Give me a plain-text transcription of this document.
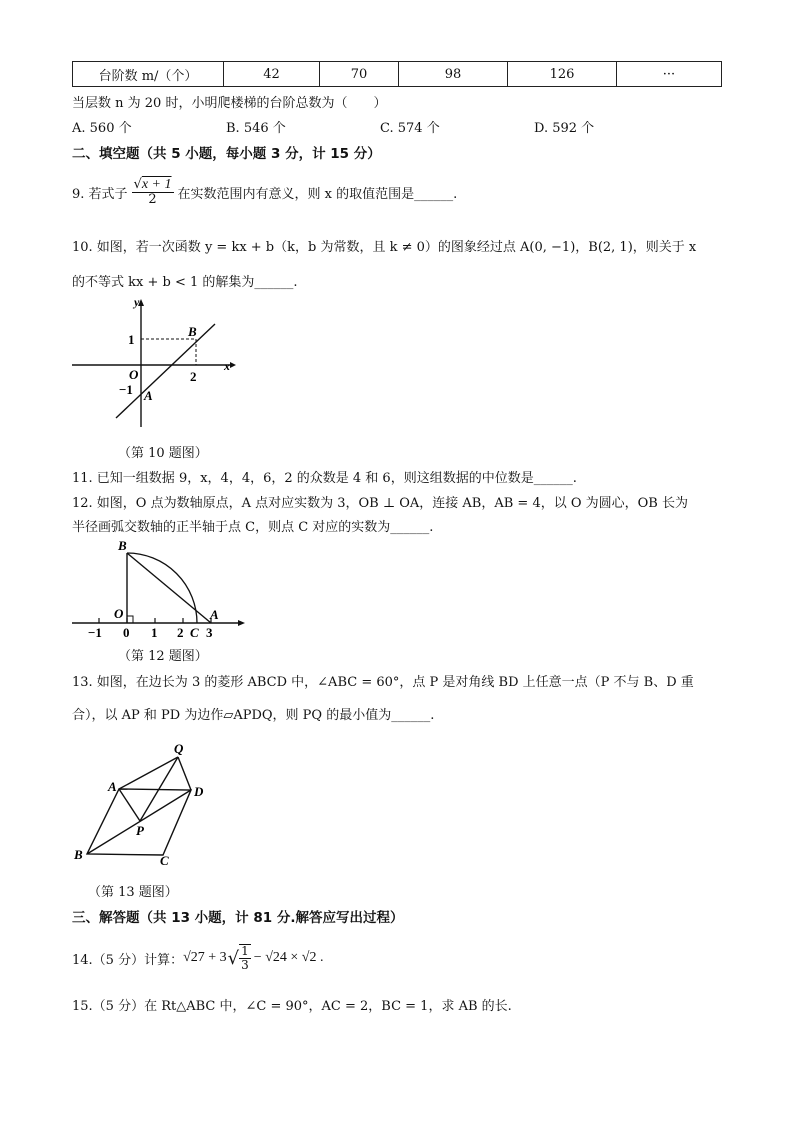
台阶数 m/（个）	42	70	98	126	···
当层数 n 为 20 时，小明爬楼梯的台阶总数为（　　）
A. 560 个	B. 546 个	C. 574 个	D. 592 个
二、填空题（共 5 小题，每小题 3 分，计 15 分）
9. 若式子 $\frac{√x + 1}{2}$ 在实数范围内有意义，则 x 的取值范围是______.
10. 如图，若一次函数 y = kx + b（k，b 为常数，且 k ≠ 0）的图象经过点 A(0, −1)，B(2, 1)，则关于 x
的不等式 kx + b < 1 的解集为______.
y
x
1
2
O
−1 A
B
（第 10 题图）
11. 已知一组数据 9，x，4，4，6，2 的众数是 4 和 6，则这组数据的中位数是______.
12. 如图，O 点为数轴原点，A 点对应实数为 3，OB ⊥ OA，连接 AB，AB = 4，以 O 为圆心，OB 长为
半径画弧交数轴的正半轴于点 C，则点 C 对应的实数为______.
B
O	A
−1 0 1 2 C 3
（第 12 题图）
13. 如图，在边长为 3 的菱形 ABCD 中，∠ABC = 60°，点 P 是对角线 BD 上任意一点（P 不与 B、D 重
合），以 AP 和 PD 为边作▱APDQ，则 PQ 的最小值为______.
Q
A	D
P
B	C
（第 13 题图）
三、解答题（共 13 小题，计 81 分.解答应写出过程）
14.（5 分）计算： √27 + 3 √ $\frac{1}{3} - √24 \times √2$ .
15.（5 分）在 Rt△ABC 中，∠C = 90°，AC = 2，BC = 1，求 AB 的长.
